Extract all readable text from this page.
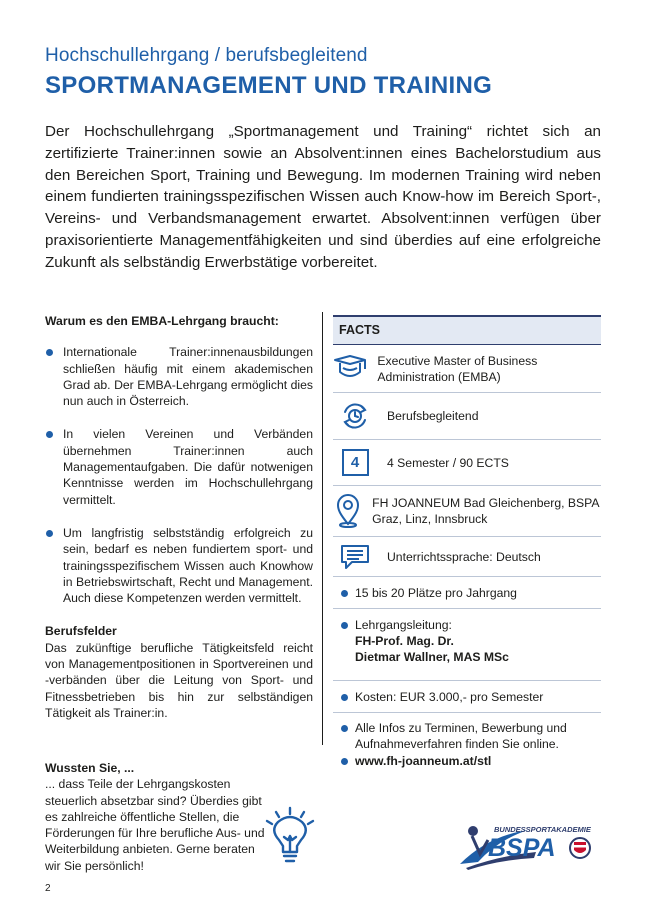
Hochschullehrgang / berufsbegleitend
SPORTMANAGEMENT UND TRAINING

Der Hochschullehrgang „Sportmanagement und Training“ richtet sich an zertifizierte Trainer:innen sowie an Absolvent:innen eines Bachelorstudium aus den Bereichen Sport, Training und Bewegung. Im modernen Training wird neben einem fundierten trainingsspezifischen Wissen auch Know-how im Bereich Sport-, Vereins- und Verbandsmanagement erwartet. Absolvent:innen verfügen über praxisorientierte Managementfähigkeiten und sind überdies auf eine erfolgreiche Zukunft als selbständig Erwerbstätige vorbereitet.

Warum es den EMBA-Lehrgang braucht:

Internationale Trainer:innenausbildungen schließen häufig mit einem akademischen Grad ab. Der EMBA-Lehrgang ermöglicht dies nun auch in Österreich.
In vielen Vereinen und Verbänden übernehmen Trainer:innen auch Managementaufgaben. Die dafür notwenigen Kenntnisse werden im Hochschullehrgang vermittelt.
Um langfristig selbstständig erfolgreich zu sein, bedarf es neben fundiertem sport- und trainingsspezifischem Wissen auch Knowhow in Betriebswirtschaft, Recht und Management. Auch diese Kompetenzen werden vermittelt.

Berufsfelder

Das zukünftige berufliche Tätigkeitsfeld reicht von Managementpositionen in Sportvereinen und -verbänden über die Leitung von Sport- und Fitnessbetrieben bis hin zur selbständigen Tätigkeit als Trainer:in.

Wussten Sie, ...

... dass Teile der Lehrgangskosten steuerlich absetzbar sind? Überdies gibt es zahlreiche öffentliche Stellen, die Förderungen für Ihre berufliche Aus- und Weiterbildung anbieten. Gerne beraten wir Sie persönlich!

FACTS
Executive Master of Business Administration (EMBA)
Berufsbegleitend
4	4 Semester / 90 ECTS
FH JOANNEUM Bad Gleichenberg, BSPA Graz, Linz, Innsbruck
Unterrichtssprache: Deutsch
15 bis 20 Plätze pro Jahrgang
Lehrgangsleitung:
FH-Prof. Mag. Dr.
Dietmar Wallner, MAS MSc
Kosten: EUR 3.000,- pro Semester
Alle Infos zu Terminen, Bewerbung und Aufnahmeverfahren finden Sie online.
www.fh-joanneum.at/stl
BUNDESSPORTAKADEMIE
BSPA
2
